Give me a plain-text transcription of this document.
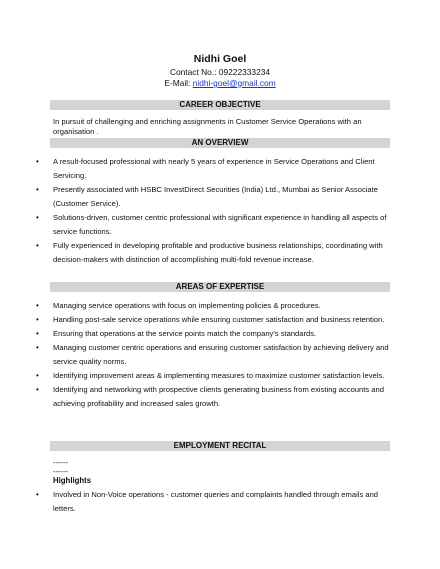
Nidhi Goel
Contact No.: 09222333234
E-Mail: nidhi-goel@gmail.com
CAREER OBJECTIVE
In pursuit of challenging and enriching assignments in Customer Service Operations with an organisation .
AN OVERVIEW
• A result-focused professional with nearly 5 years of experience in Service Operations and Client Servicing.
• Presently associated with HSBC InvestDirect Securities (India) Ltd., Mumbai as Senior Associate (Customer Service).
• Solutions-driven, customer centric professional with significant experience in handling all aspects of service functions.
• Fully experienced in developing profitable and productive business relationships, coordinating with decision-makers with distinction of accomplishing multi-fold revenue increase.
AREAS OF EXPERTISE
• Managing service operations with focus on implementing policies & procedures.
• Handling post-sale service operations while ensuring customer satisfaction and business retention.
• Ensuring that operations at the service points match the company's standards.
• Managing customer centric operations and ensuring customer satisfaction by achieving delivery and service quality norms.
• Identifying improvement areas & implementing measures to maximize customer satisfaction levels.
• Identifying and networking with prospective clients generating business from existing accounts and achieving profitability and increased sales growth.
EMPLOYMENT RECITAL
------
------
Highlights
• Involved in Non-Voice operations - customer queries and complaints handled through emails and letters.
